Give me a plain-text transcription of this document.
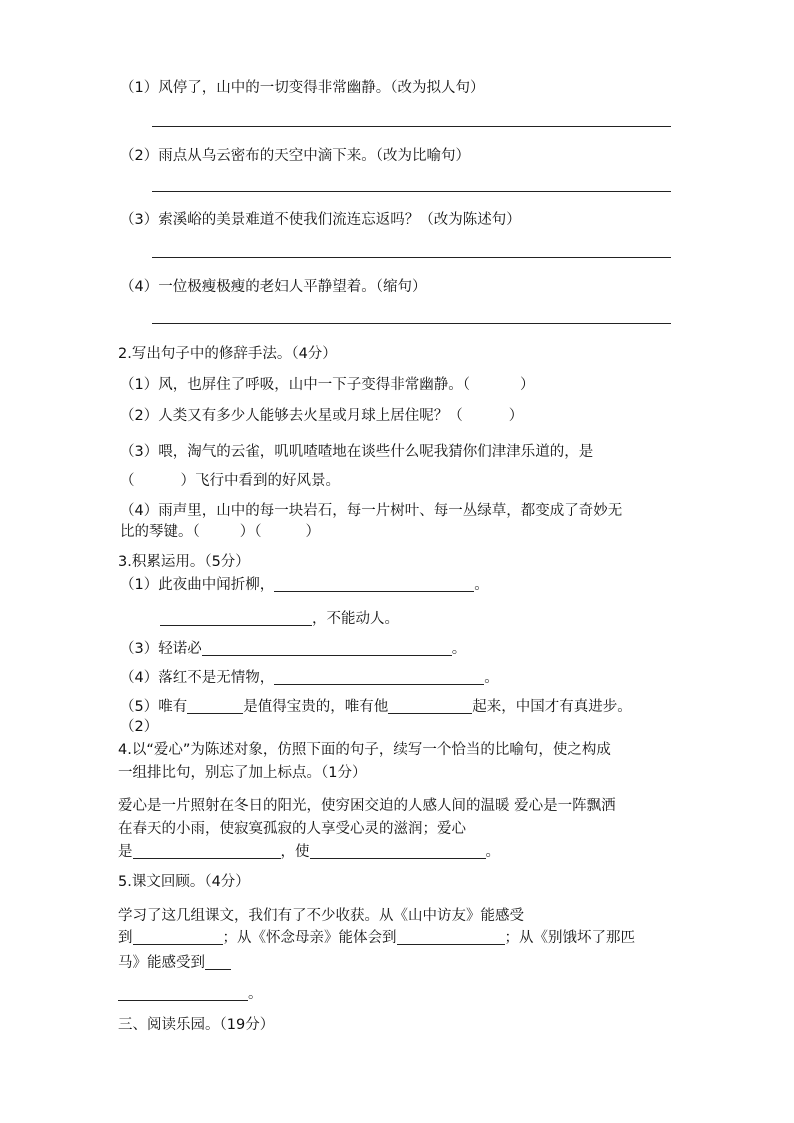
（1）风停了，山中的一切变得非常幽静。（改为拟人句）
（2）雨点从乌云密布的天空中滴下来。（改为比喻句）
（3）索溪峪的美景难道不使我们流连忘返吗？（改为陈述句）
（4）一位极瘦极瘦的老妇人平静望着。（缩句）
2.写出句子中的修辞手法。（4分）
（1）风，也屏住了呼吸，山中一下子变得非常幽静。（	）
（2）人类又有多少人能够去火星或月球上居住呢？（	）
（3）喂，淘气的云雀，叽叽喳喳地在谈些什么呢我猜你们津津乐道的，是
（	）飞行中看到的好风景。
（4）雨声里，山中的每一块岩石，每一片树叶、每一丛绿草，都变成了奇妙无
比的琴键。（	）（	）
3.积累运用。（5分）
（1）此夜曲中闻折柳，	。
，不能动人。
（3）轻诺必	。
（4）落红不是无情物，	。
（5）唯有	是值得宝贵的，唯有他	起来，中国才有真进步。
（2）
4.以“爱心”为陈述对象，仿照下面的句子，续写一个恰当的比喻句，使之构成
一组排比句，别忘了加上标点。（1分）
爱心是一片照射在冬日的阳光，使穷困交迫的人感人间的温暖 爱心是一阵飘洒
在春天的小雨，使寂寞孤寂的人享受心灵的滋润；爱心
是	，使	。
5.课文回顾。（4分）
学习了这几组课文，我们有了不少收获。从《山中访友》能感受
到	；从《怀念母亲》能体会到	；从《别饿坏了那匹
马》能感受到
。
三、阅读乐园。（19分）
